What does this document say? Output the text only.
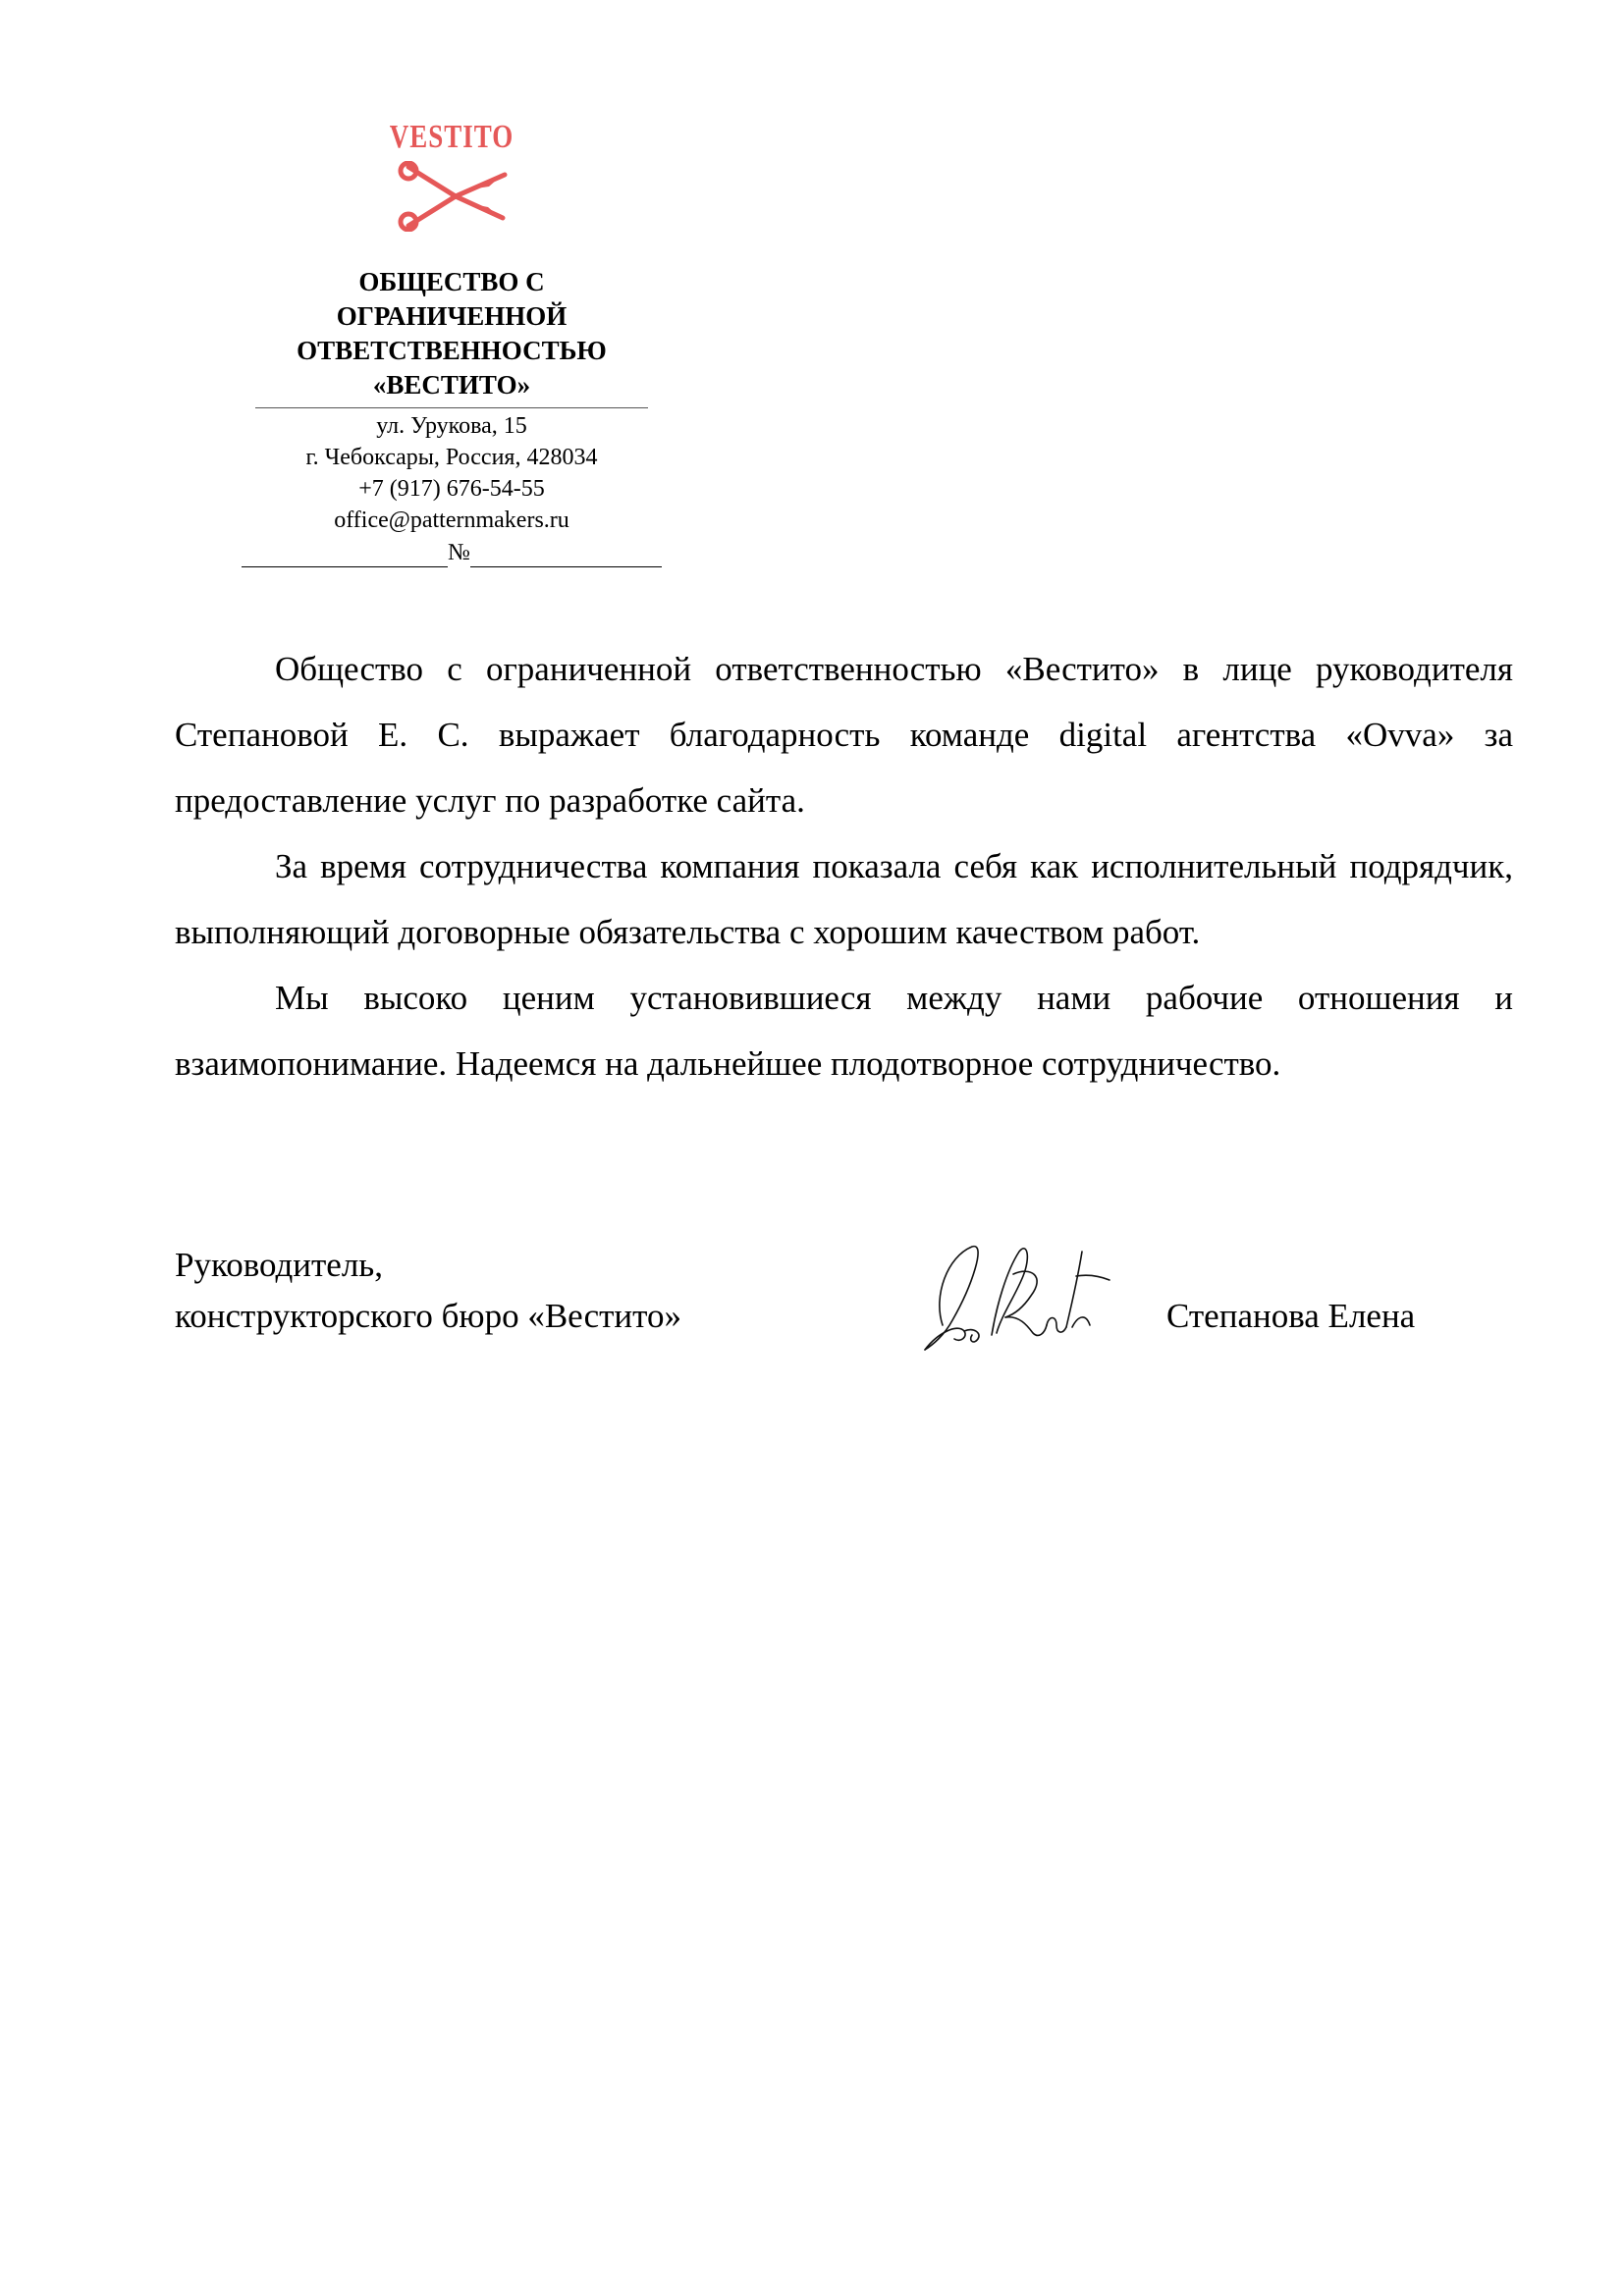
VESTITO
ОБЩЕСТВО С
ОГРАНИЧЕННОЙ
ОТВЕТСТВЕННОСТЬЮ
«ВЕСТИТО»
ул. Урукова, 15
г. Чебоксары, Россия, 428034
+7 (917) 676-54-55
office@patternmakers.ru
№

Общество с ограниченной ответственностью «Вестито» в лице руководителя Степановой Е. С. выражает благодарность команде digital агентства «Ovva» за предоставление услуг по разработке сайта.

За время сотрудничества компания показала себя как исполнительный подрядчик, выполняющий договорные обязательства с хорошим качеством работ.

Мы высоко ценим установившиеся между нами рабочие отношения и взаимопонимание. Надеемся на дальнейшее плодотворное сотрудничество.

Руководитель,
конструкторского бюро «Вестито»	Степанова Елена
